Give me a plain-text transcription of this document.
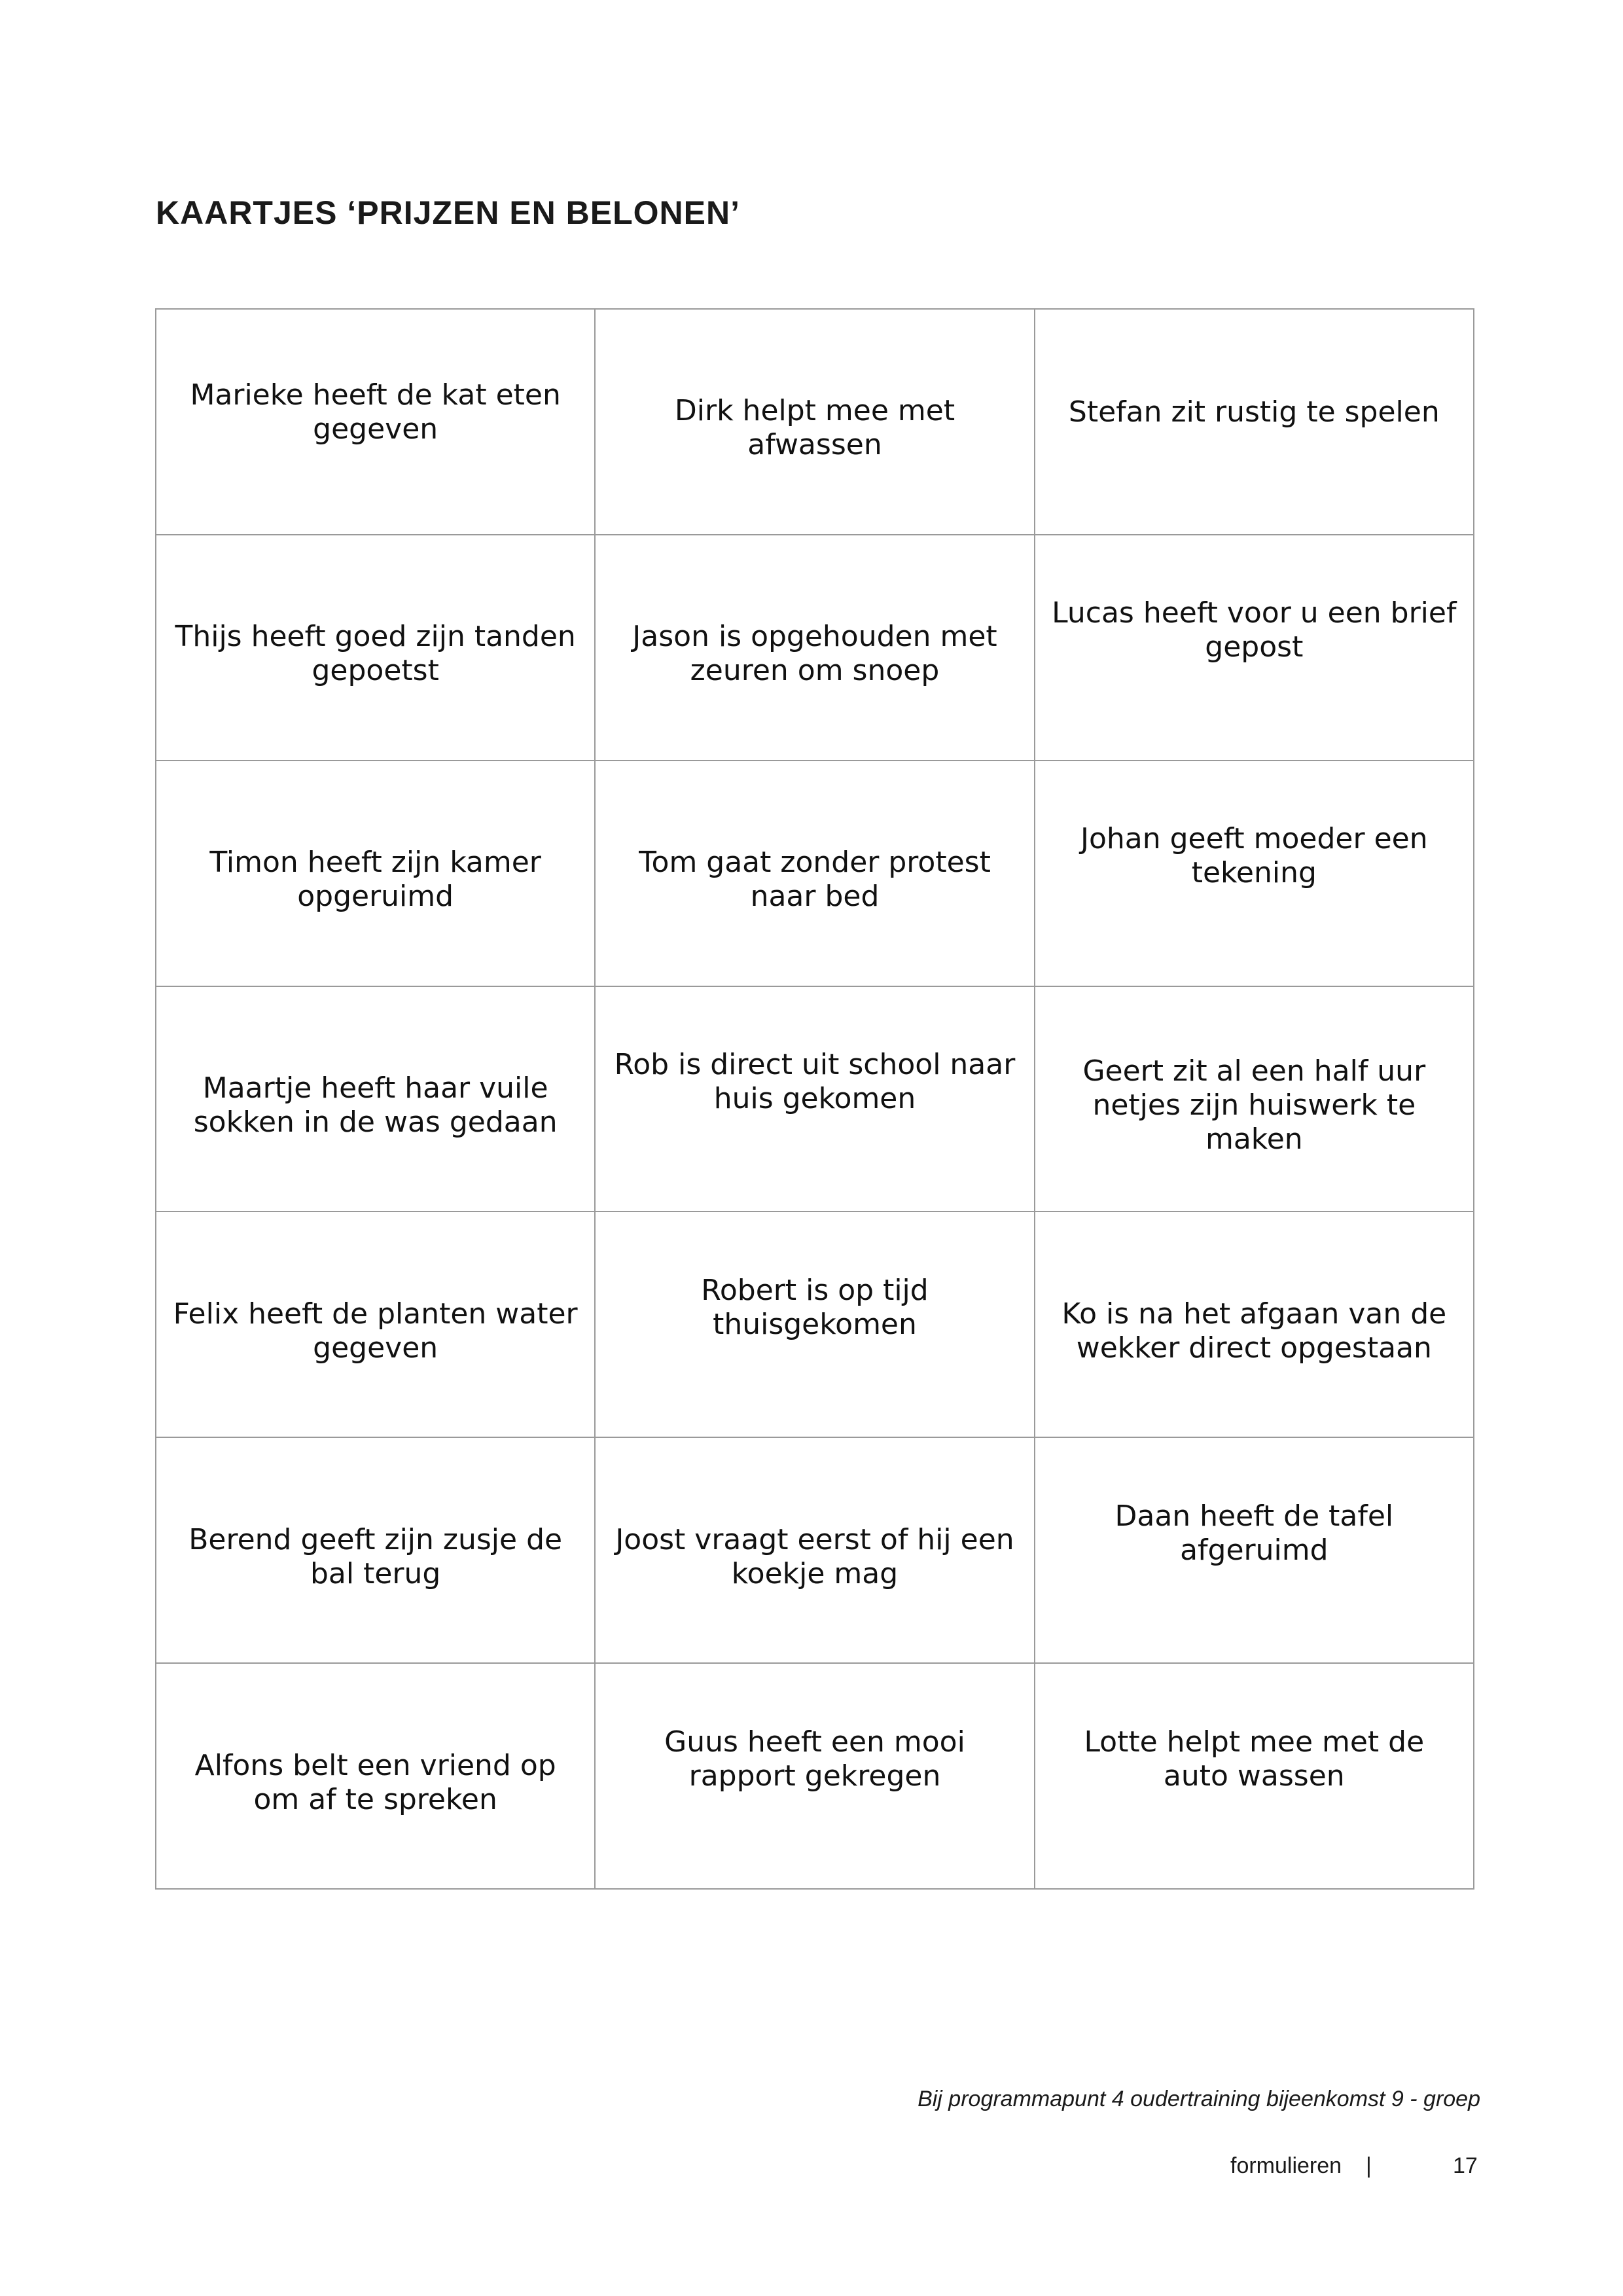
KAARTJES ‘PRIJZEN EN BELONEN’
Marieke heeft de kat eten gegeven
Dirk helpt mee met afwassen
Stefan zit rustig te spelen
Thijs heeft goed zijn tanden gepoetst
Jason is opgehouden met zeuren om snoep
Lucas heeft voor u een brief gepost
Timon heeft zijn kamer opgeruimd
Tom gaat zonder protest naar bed
Johan geeft moeder een tekening
Maartje heeft haar vuile sokken in de was gedaan
Rob is direct uit school naar huis gekomen
Geert zit al een half uur netjes zijn huiswerk te maken
Felix heeft de planten water gegeven
Robert is op tijd thuisgekomen	Ko is na het afgaan van de wekker direct opgestaan
Berend geeft zijn zusje de bal terug
Joost vraagt eerst of hij een koekje mag
Daan heeft de tafel afgeruimd
Alfons belt een vriend op om af te spreken
Guus heeft een mooi rapport gekregen
Lotte helpt mee met de auto wassen

Bij programmapunt 4 oudertraining bijeenkomst 9 - groep

formulieren |	17
